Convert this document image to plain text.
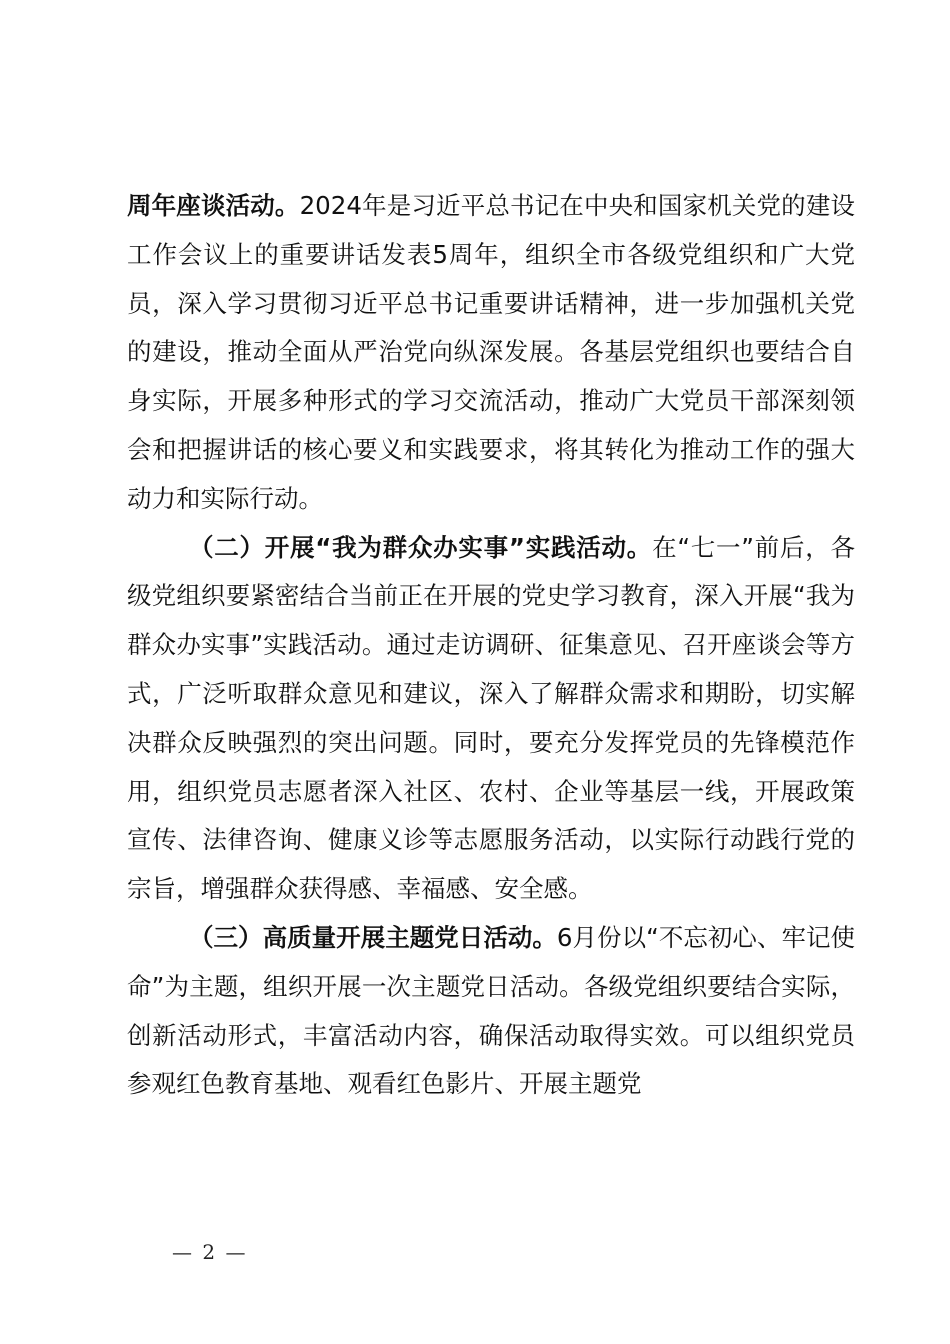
周年座谈活动。2024年是习近平总书记在中央和国家机关党的建设工作会议上的重要讲话发表5周年，组织全市各级党组织和广大党员，深入学习贯彻习近平总书记重要讲话精神，进一步加强机关党的建设，推动全面从严治党向纵深发展。各基层党组织也要结合自身实际，开展多种形式的学习交流活动，推动广大党员干部深刻领会和把握讲话的核心要义和实践要求，将其转化为推动工作的强大动力和实际行动。

（二）开展“我为群众办实事”实践活动。在“七一”前后，各级党组织要紧密结合当前正在开展的党史学习教育，深入开展“我为群众办实事”实践活动。通过走访调研、征集意见、召开座谈会等方式，广泛听取群众意见和建议，深入了解群众需求和期盼，切实解决群众反映强烈的突出问题。同时，要充分发挥党员的先锋模范作用，组织党员志愿者深入社区、农村、企业等基层一线，开展政策宣传、法律咨询、健康义诊等志愿服务活动，以实际行动践行党的宗旨，增强群众获得感、幸福感、安全感。

（三）高质量开展主题党日活动。6月份以“不忘初心、牢记使命”为主题，组织开展一次主题党日活动。各级党组织要结合实际，创新活动形式，丰富活动内容，确保活动取得实效。可以组织党员参观红色教育基地、观看红色影片、开展主题党

— 2 —
